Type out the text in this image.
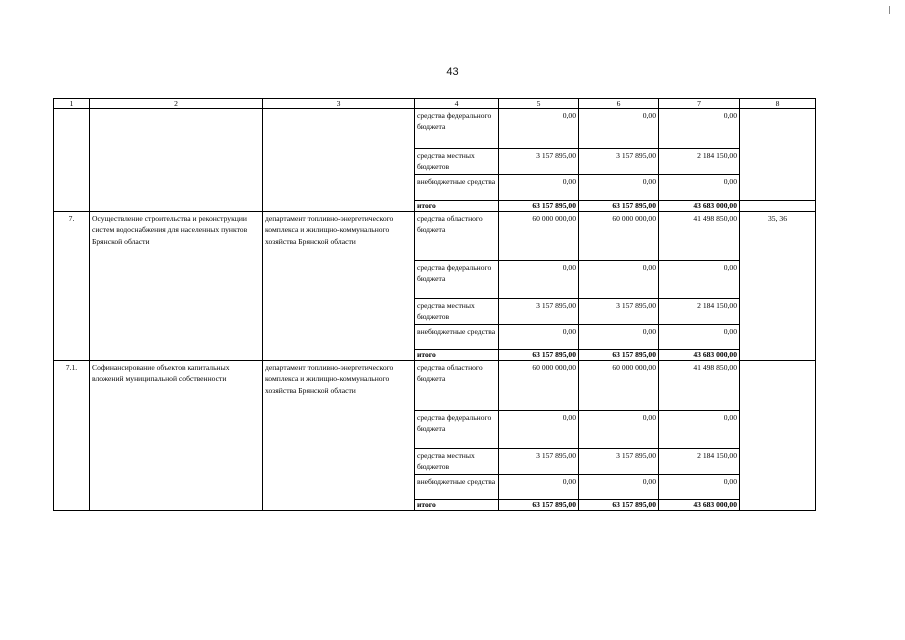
43
1	2	3	4	5	6	7	8
			средства федерального бюджета	0,00	0,00	0,00	
			средства местных бюджетов	3 157 895,00	3 157 895,00	2 184 150,00	
			внебюджетные средства	0,00	0,00	0,00	
			итого	63 157 895,00	63 157 895,00	43 683 000,00	
7.	Осуществление строительства и реконструкции систем водоснабжения для населенных пунктов Брянской области	департамент топливно-энергетического комплекса и жилищно-коммунального хозяйства Брянской области	средства областного бюджета	60 000 000,00	60 000 000,00	41 498 850,00	35, 36
			средства федерального бюджета	0,00	0,00	0,00	
			средства местных бюджетов	3 157 895,00	3 157 895,00	2 184 150,00	
			внебюджетные средства	0,00	0,00	0,00	
			итого	63 157 895,00	63 157 895,00	43 683 000,00	
7.1.	Софинансирование объектов капитальных вложений муниципальной собственности	департамент топливно-энергетического комплекса и жилищно-коммунального хозяйства Брянской области	средства областного бюджета	60 000 000,00	60 000 000,00	41 498 850,00	
			средства федерального бюджета	0,00	0,00	0,00	
			средства местных бюджетов	3 157 895,00	3 157 895,00	2 184 150,00	
			внебюджетные средства	0,00	0,00	0,00	
			итого	63 157 895,00	63 157 895,00	43 683 000,00	
